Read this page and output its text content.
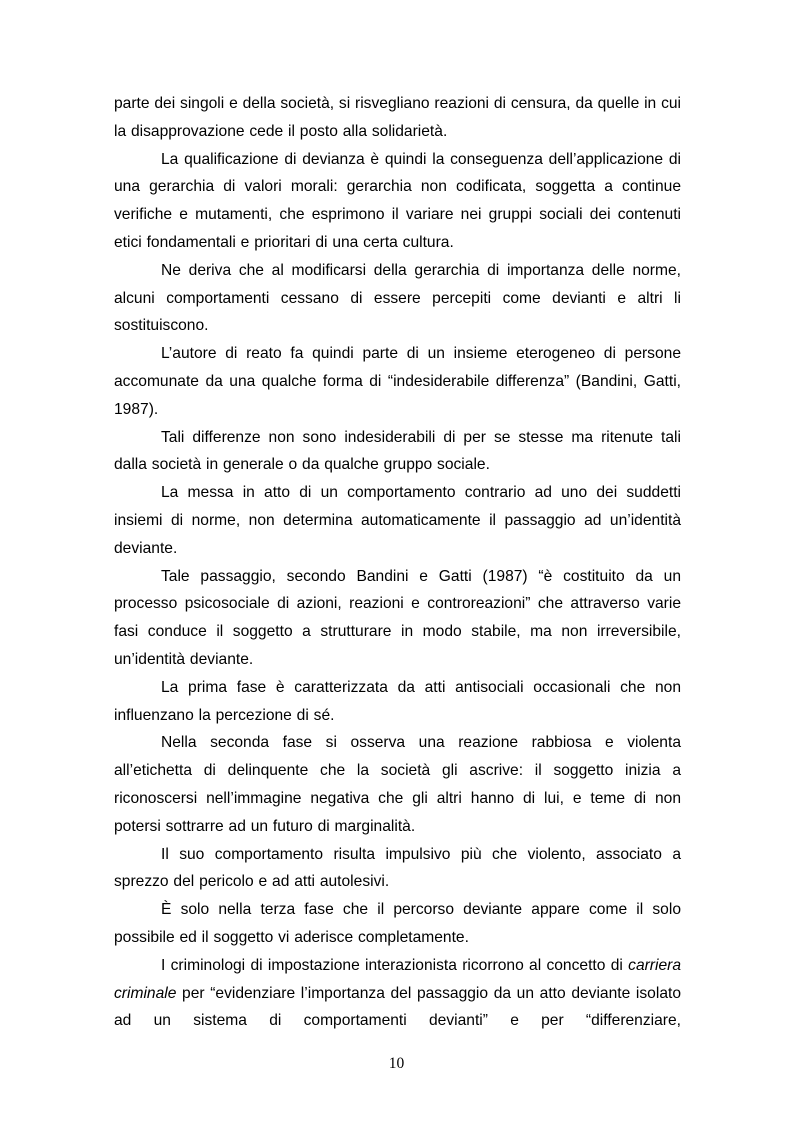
parte dei singoli e della società, si risvegliano reazioni di censura, da quelle in cui la disapprovazione cede il posto alla solidarietà.

La qualificazione di devianza è quindi la conseguenza dell’applicazione di una gerarchia di valori morali: gerarchia non codificata, soggetta a continue verifiche e mutamenti, che esprimono il variare nei gruppi sociali dei contenuti etici fondamentali e prioritari di una certa cultura.

Ne deriva che al modificarsi della gerarchia di importanza delle norme, alcuni comportamenti cessano di essere percepiti come devianti e altri li sostituiscono.

L’autore di reato fa quindi parte di un insieme eterogeneo di persone accomunate da una qualche forma di “indesiderabile differenza” (Bandini, Gatti, 1987).

Tali differenze non sono indesiderabili di per se stesse ma ritenute tali dalla società in generale o da qualche gruppo sociale.

La messa in atto di un comportamento contrario ad uno dei suddetti insiemi di norme, non determina automaticamente il passaggio ad un’identità deviante.

Tale passaggio, secondo Bandini e Gatti (1987) “è costituito da un processo psicosociale di azioni, reazioni e controreazioni” che attraverso varie fasi conduce il soggetto a strutturare in modo stabile, ma non irreversibile, un’identità deviante.

La prima fase è caratterizzata da atti antisociali occasionali che non influenzano la percezione di sé.

Nella seconda fase si osserva una reazione rabbiosa e violenta all’etichetta di delinquente che la società gli ascrive: il soggetto inizia a riconoscersi nell’immagine negativa che gli altri hanno di lui, e teme di non potersi sottrarre ad un futuro di marginalità.

Il suo comportamento risulta impulsivo più che violento, associato a sprezzo del pericolo e ad atti autolesivi.

È solo nella terza fase che il percorso deviante appare come il solo possibile ed il soggetto vi aderisce completamente.

I criminologi di impostazione interazionista ricorrono al concetto di carriera criminale per “evidenziare l’importanza del passaggio da un atto deviante isolato ad un sistema di comportamenti devianti” e per “differenziare,

10
